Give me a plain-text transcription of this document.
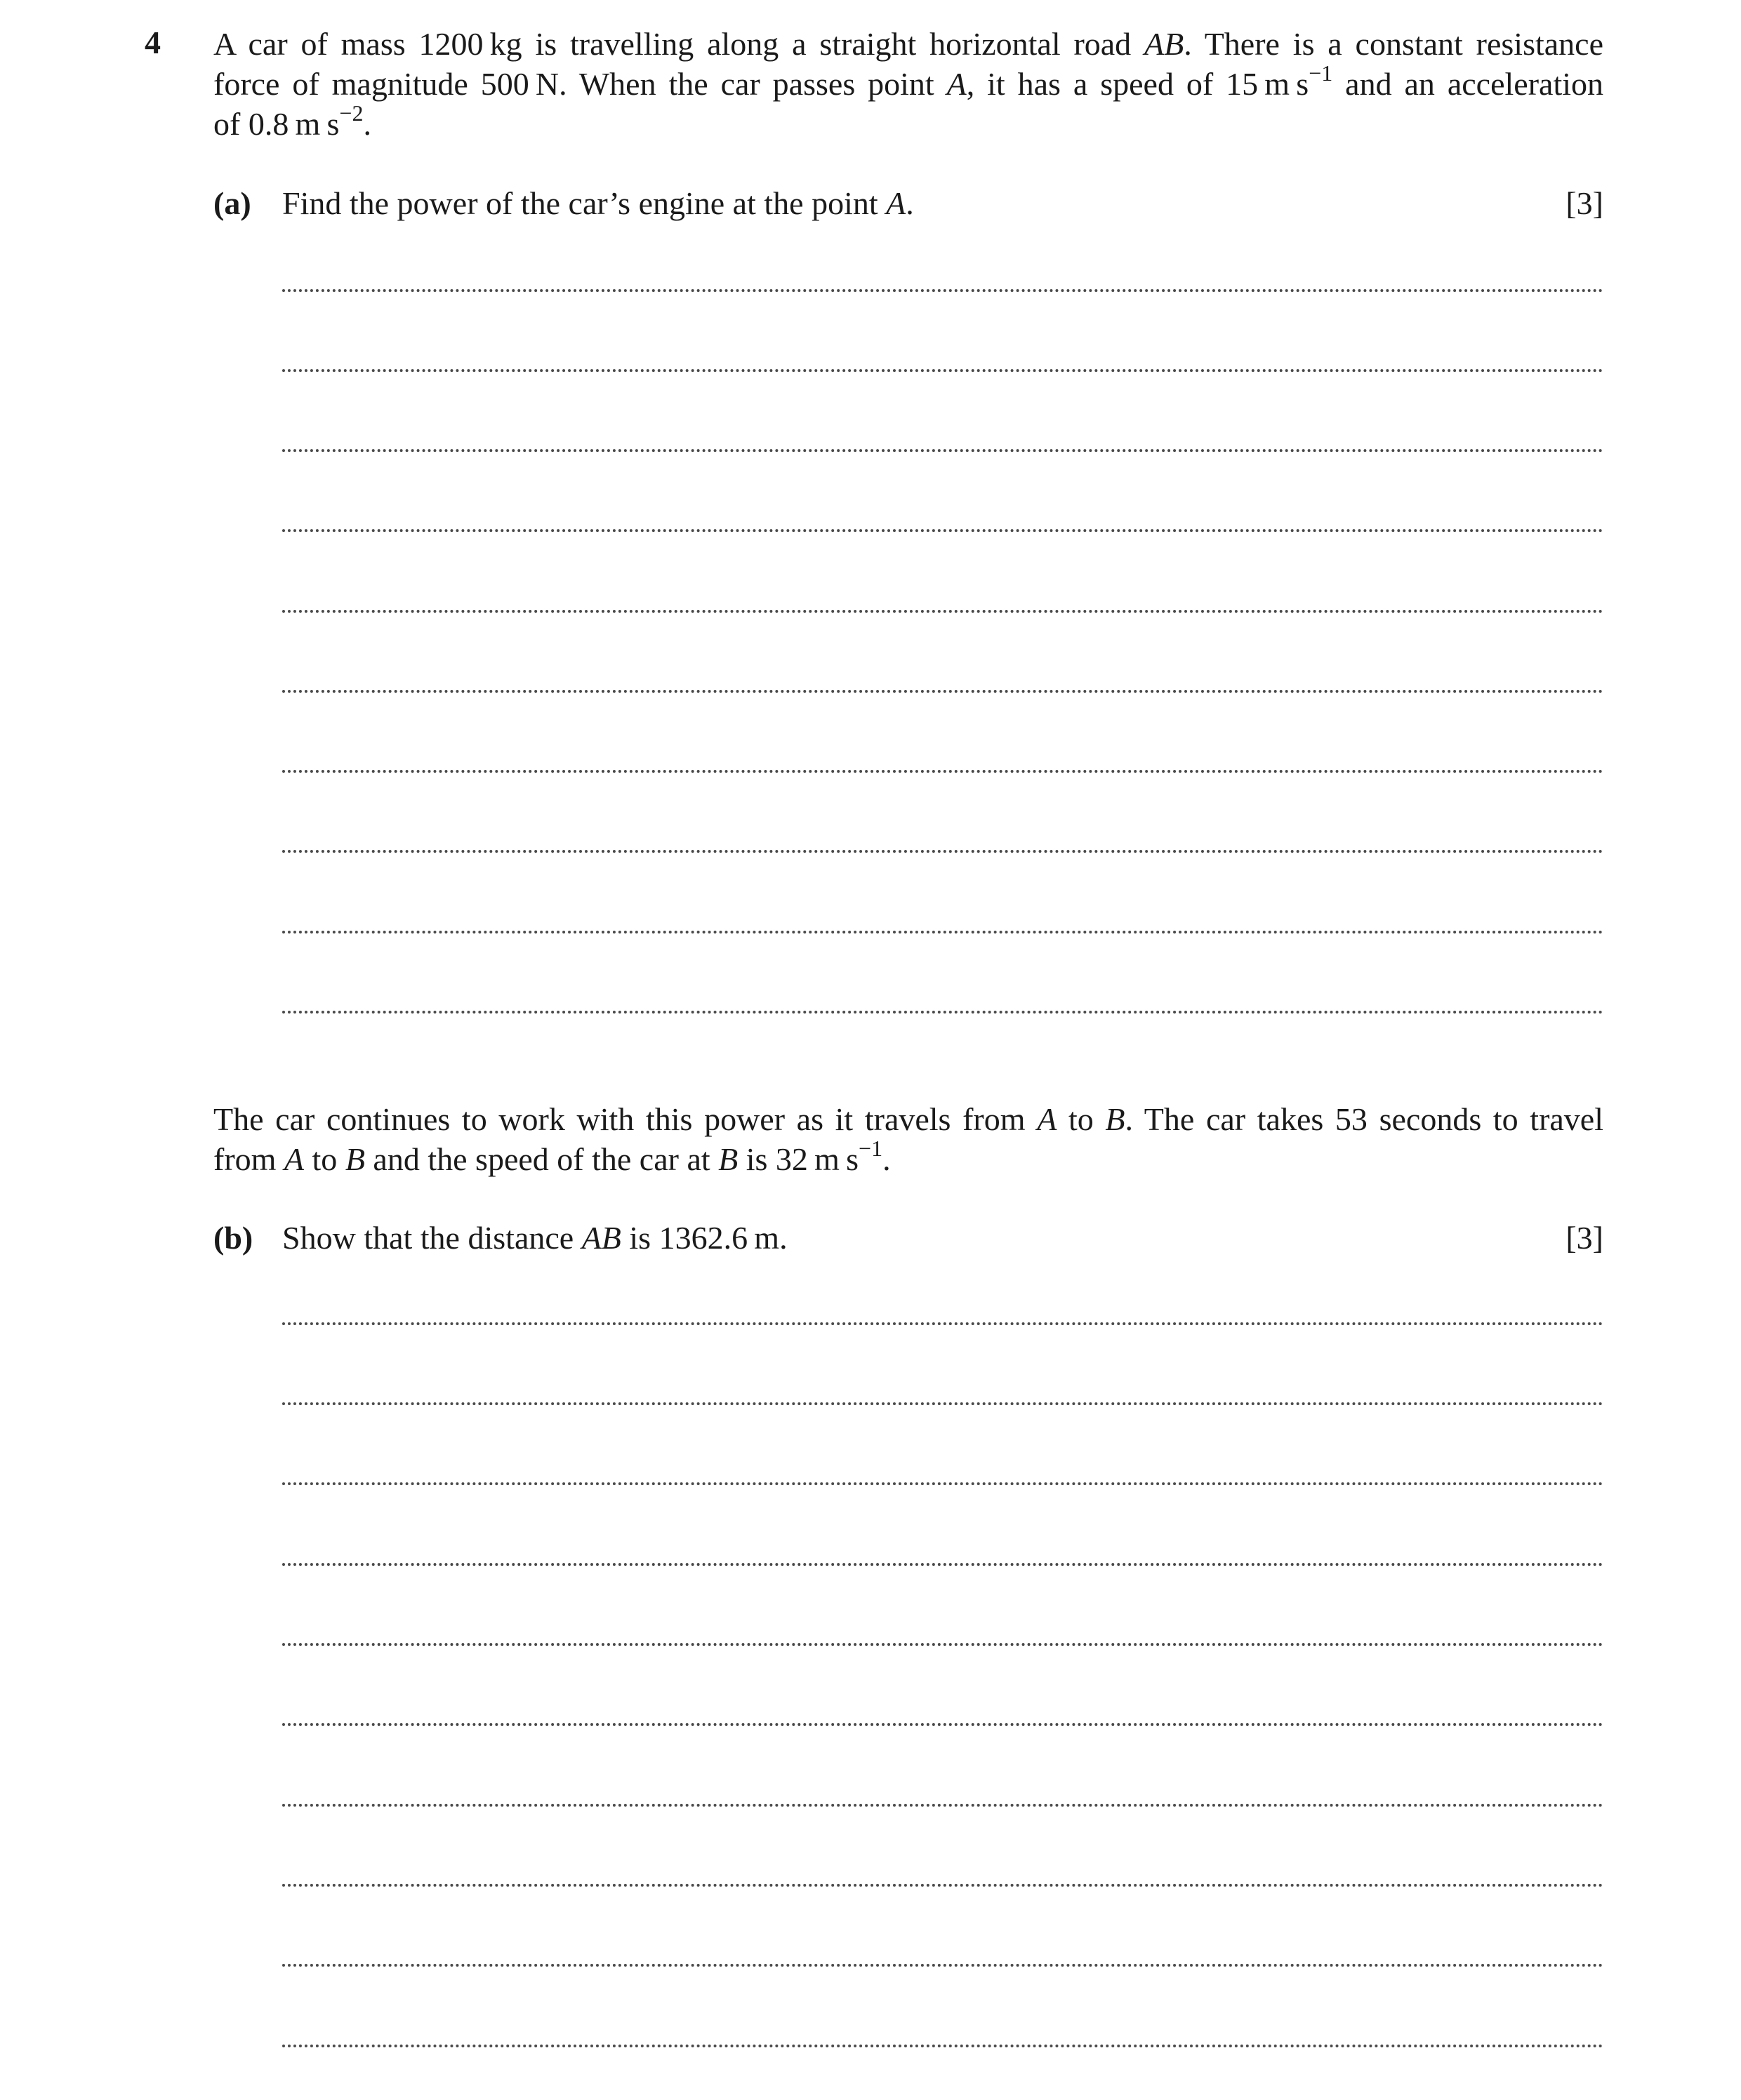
4 A car of mass 1200 kg is travelling along a straight horizontal road AB. There is a constant resistance
force of magnitude 500 N. When the car passes point A, it has a speed of 15 m $s^{-1}$ and an acceleration
of 0.8 m $s^{-2}$.
(a) Find the power of the car’s engine at the point A.	[3]
The car continues to work with this power as it travels from A to B. The car takes 53 seconds to travel
from A to B and the speed of the car at B is 32 m $s^{-1}$.
(b) Show that the distance AB is 1362.6 m.	[3]
